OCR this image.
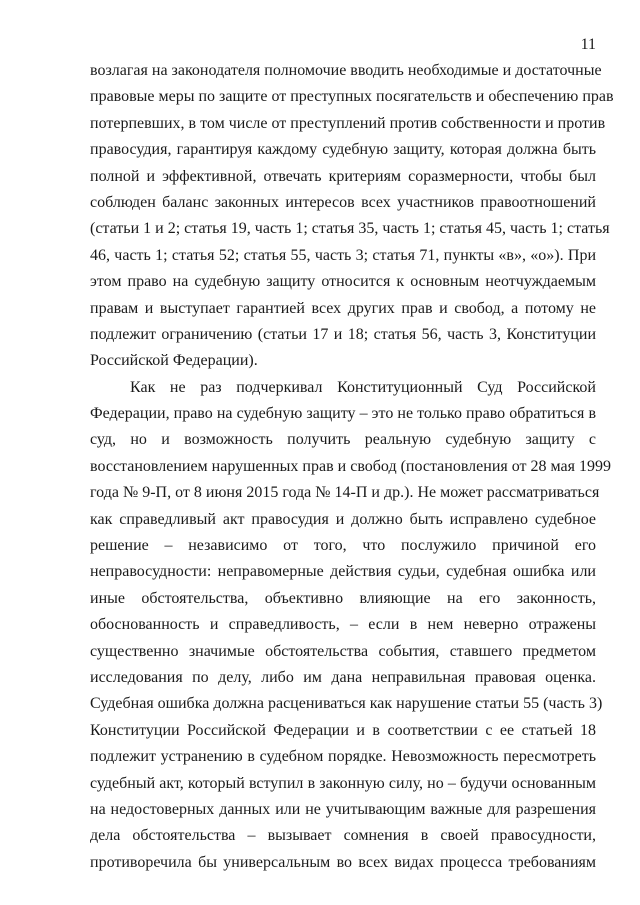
11
возлагая на законодателя полномочие вводить необходимые и достаточные
правовые меры по защите от преступных посягательств и обеспечению прав
потерпевших, в том числе от преступлений против собственности и против
правосудия, гарантируя каждому судебную защиту, которая должна быть
полной и эффективной, отвечать критериям соразмерности, чтобы был
соблюден баланс законных интересов всех участников правоотношений
(статьи 1 и 2; статья 19, часть 1; статья 35, часть 1; статья 45, часть 1; статья
46, часть 1; статья 52; статья 55, часть 3; статья 71, пункты «в», «о»). При
этом право на судебную защиту относится к основным неотчуждаемым
правам и выступает гарантией всех других прав и свобод, а потому не
подлежит ограничению (статьи 17 и 18; статья 56, часть 3, Конституции
Российской Федерации).
Как не раз подчеркивал Конституционный Суд Российской
Федерации, право на судебную защиту – это не только право обратиться в
суд, но и возможность получить реальную судебную защиту с
восстановлением нарушенных прав и свобод (постановления от 28 мая 1999
года № 9-П, от 8 июня 2015 года № 14-П и др.). Не может рассматриваться
как справедливый акт правосудия и должно быть исправлено судебное
решение – независимо от того, что послужило причиной его
неправосудности: неправомерные действия судьи, судебная ошибка или
иные обстоятельства, объективно влияющие на его законность,
обоснованность и справедливость, – если в нем неверно отражены
существенно значимые обстоятельства события, ставшего предметом
исследования по делу, либо им дана неправильная правовая оценка.
Судебная ошибка должна расцениваться как нарушение статьи 55 (часть 3)
Конституции Российской Федерации и в соответствии с ее статьей 18
подлежит устранению в судебном порядке. Невозможность пересмотреть
судебный акт, который вступил в законную силу, но – будучи основанным
на недостоверных данных или не учитывающим важные для разрешения
дела обстоятельства – вызывает сомнения в своей правосудности,
противоречила бы универсальным во всех видах процесса требованиям
